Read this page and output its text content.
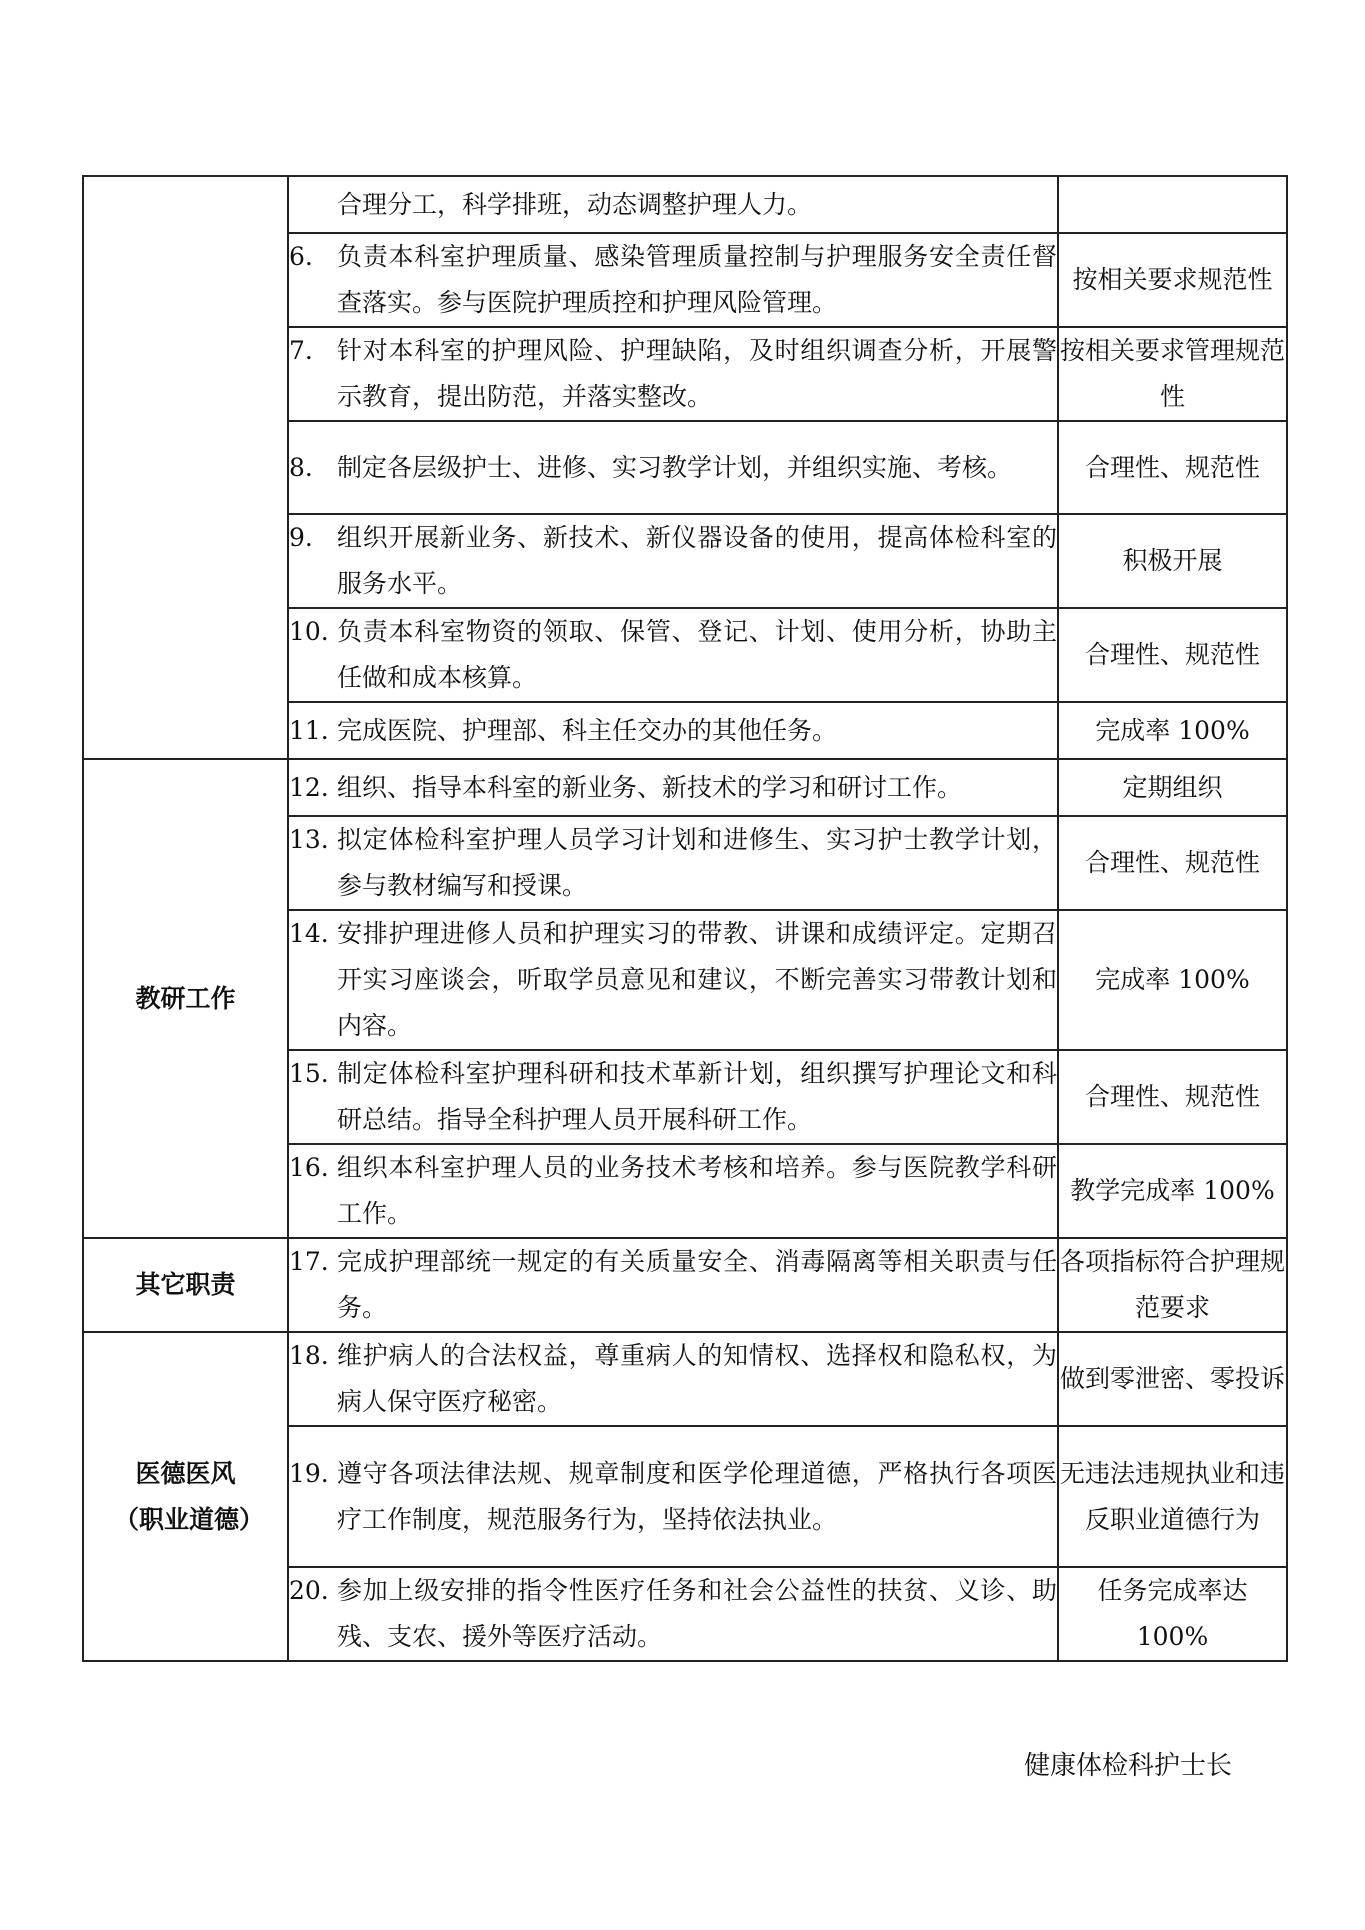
	合理分工，科学排班，动态调整护理人力。	

	6. 负责本科室护理质量、感染管理质量控制与护理服务安全责任督查落实。参与医院护理质控和护理风险管理。	按相关要求规范性

	7. 针对本科室的护理风险、护理缺陷，及时组织调查分析，开展警示教育，提出防范，并落实整改。	按相关要求管理规范性

	8. 制定各层级护士、进修、实习教学计划，并组织实施、考核。	合理性、规范性

	9. 组织开展新业务、新技术、新仪器设备的使用，提高体检科室的服务水平。	积极开展

	10. 负责本科室物资的领取、保管、登记、计划、使用分析，协助主任做和成本核算。	合理性、规范性

	11. 完成医院、护理部、科主任交办的其他任务。	完成率 100%
教研工作	12. 组织、指导本科室的新业务、新技术的学习和研讨工作。	定期组织

	13. 拟定体检科室护理人员学习计划和进修生、实习护士教学计划，参与教材编写和授课。	合理性、规范性

	14. 安排护理进修人员和护理实习的带教、讲课和成绩评定。定期召开实习座谈会，听取学员意见和建议，不断完善实习带教计划和内容。	完成率 100%

	15. 制定体检科室护理科研和技术革新计划，组织撰写护理论文和科研总结。指导全科护理人员开展科研工作。	合理性、规范性

	16. 组织本科室护理人员的业务技术考核和培养。参与医院教学科研工作。	教学完成率 100%
其它职责	17. 完成护理部统一规定的有关质量安全、消毒隔离等相关职责与任务。	各项指标符合护理规范要求
医德医风（职业道德）	18. 维护病人的合法权益，尊重病人的知情权、选择权和隐私权，为病人保守医疗秘密。	做到零泄密、零投诉

	19. 遵守各项法律法规、规章制度和医学伦理道德，严格执行各项医疗工作制度，规范服务行为，坚持依法执业。	无违法违规执业和违反职业道德行为

	20. 参加上级安排的指令性医疗任务和社会公益性的扶贫、义诊、助残、支农、援外等医疗活动。	任务完成率达 100%
健康体检科护士长
